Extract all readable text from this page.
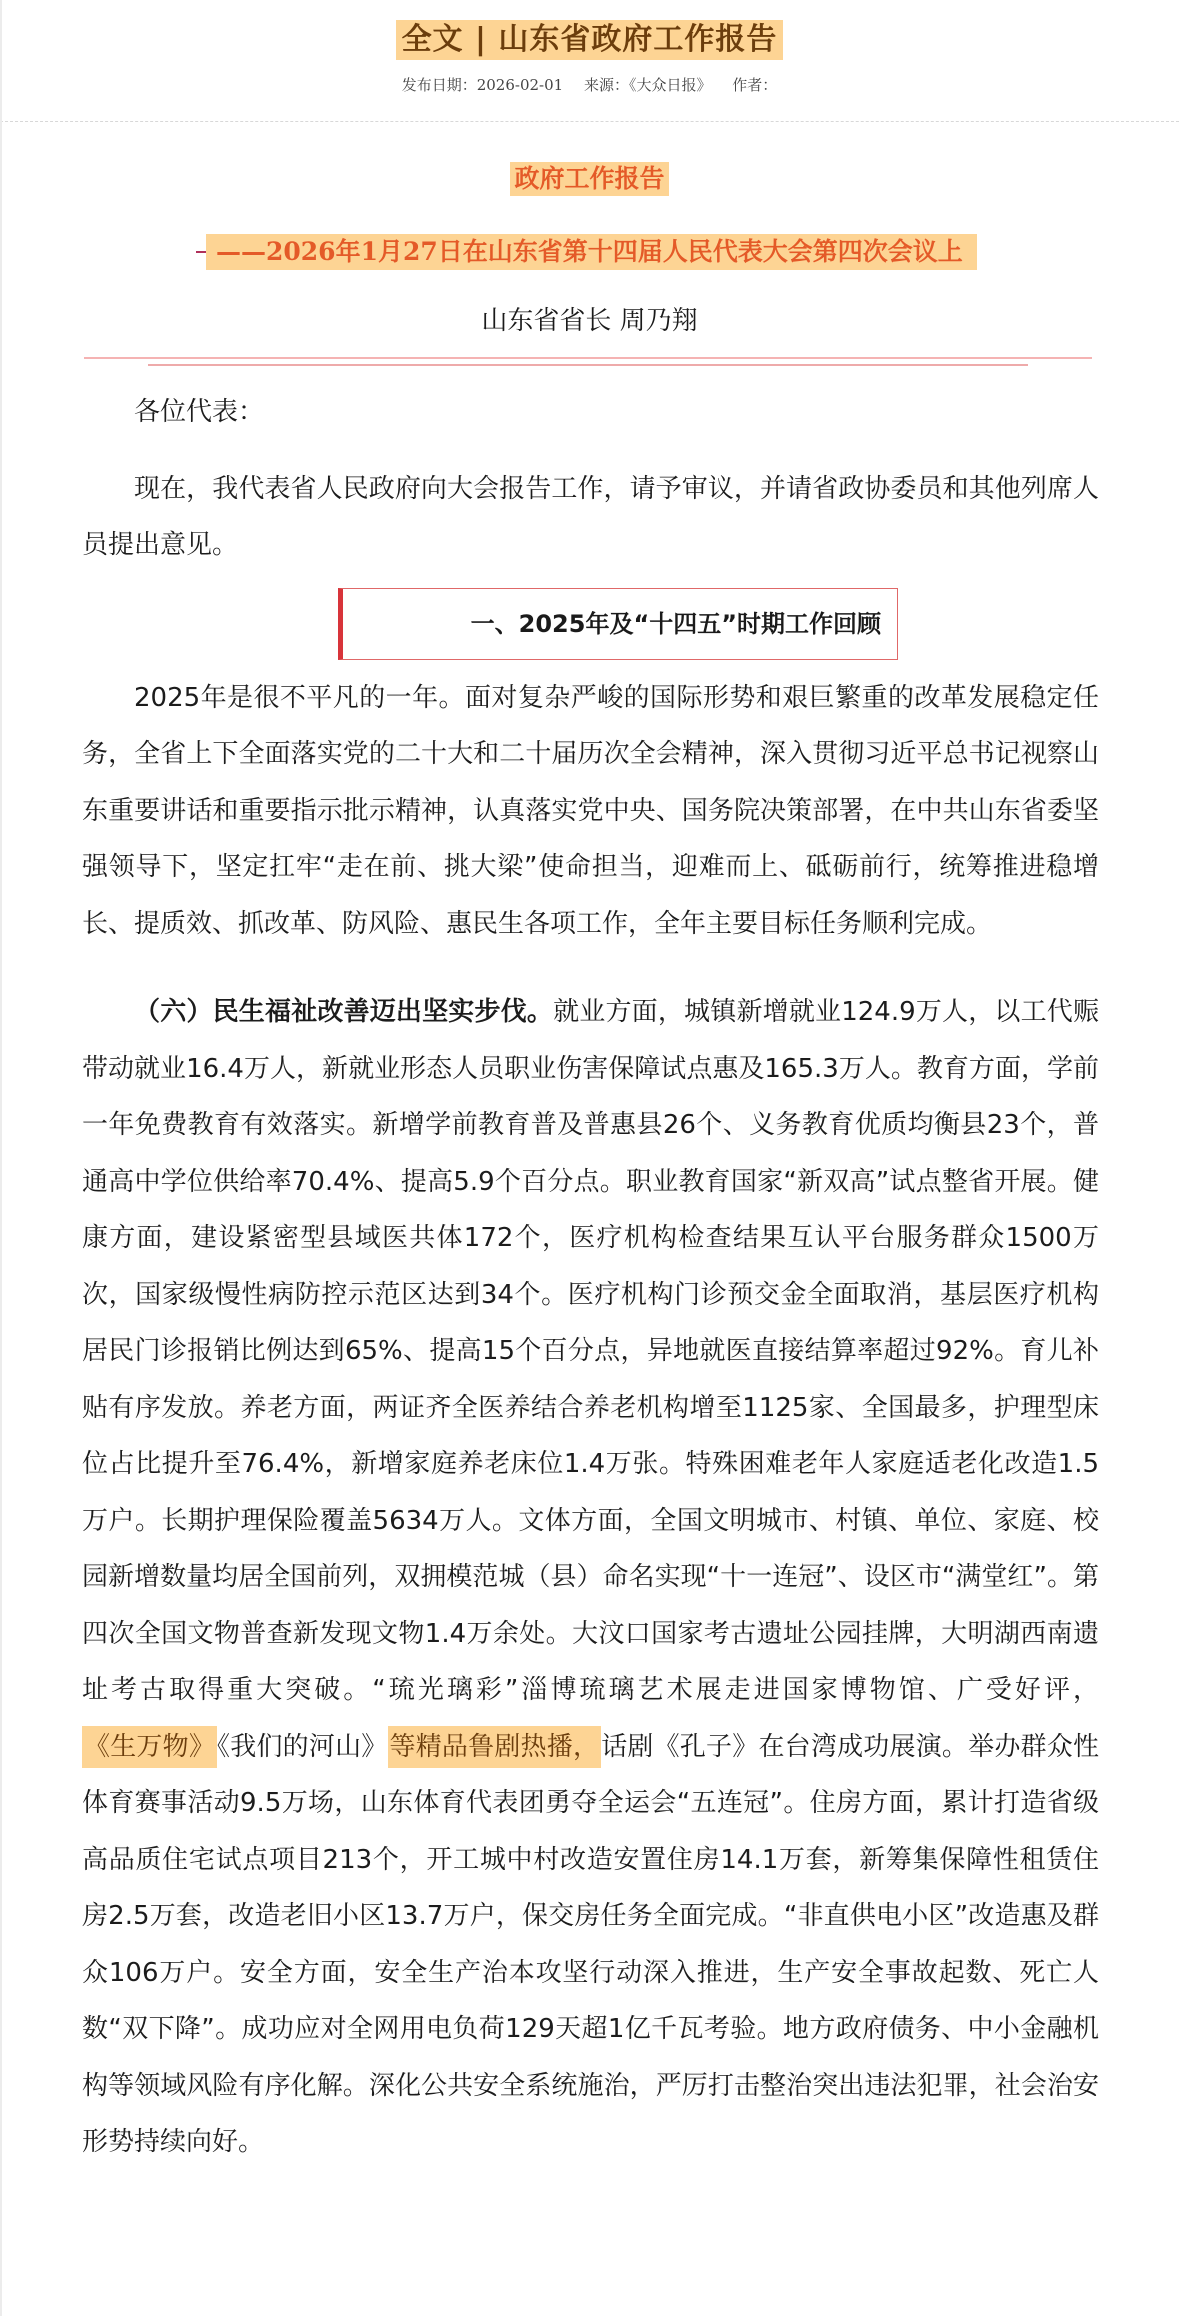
全文 | 山东省政府工作报告
发布日期：2026-02-01 来源：《大众日报》 作者：
政府工作报告
——2026年1月27日在山东省第十四届人民代表大会第四次会议上
山东省省长 周乃翔

各位代表：

现在，我代表省人民政府向大会报告工作，请予审议，并请省政协委员和其他列席人员提出意见。

一、2025年及“十四五”时期工作回顾

2025年是很不平凡的一年。面对复杂严峻的国际形势和艰巨繁重的改革发展稳定任务，全省上下全面落实党的二十大和二十届历次全会精神，深入贯彻习近平总书记视察山东重要讲话和重要指示批示精神，认真落实党中央、国务院决策部署，在中共山东省委坚强领导下，坚定扛牢“走在前、挑大梁”使命担当，迎难而上、砥砺前行，统筹推进稳增长、提质效、抓改革、防风险、惠民生各项工作，全年主要目标任务顺利完成。

（六）民生福祉改善迈出坚实步伐。就业方面，城镇新增就业124.9万人，以工代赈带动就业16.4万人，新就业形态人员职业伤害保障试点惠及165.3万人。教育方面，学前一年免费教育有效落实。新增学前教育普及普惠县26个、义务教育优质均衡县23个，普通高中学位供给率70.4%、提高5.9个百分点。职业教育国家“新双高”试点整省开展。健康方面，建设紧密型县域医共体172个，医疗机构检查结果互认平台服务群众1500万次，国家级慢性病防控示范区达到34个。医疗机构门诊预交金全面取消，基层医疗机构居民门诊报销比例达到65%、提高15个百分点，异地就医直接结算率超过92%。育儿补贴有序发放。养老方面，两证齐全医养结合养老机构增至1125家、全国最多，护理型床位占比提升至76.4%，新增家庭养老床位1.4万张。特殊困难老年人家庭适老化改造1.5万户。长期护理保险覆盖5634万人。文体方面，全国文明城市、村镇、单位、家庭、校园新增数量均居全国前列，双拥模范城（县）命名实现“十一连冠”、设区市“满堂红”。第四次全国文物普查新发现文物1.4万余处。大汶口国家考古遗址公园挂牌，大明湖西南遗址考古取得重大突破。“琉光璃彩”淄博琉璃艺术展走进国家博物馆、广受好评，《生万物》《我们的河山》等精品鲁剧热播，话剧《孔子》在台湾成功展演。举办群众性体育赛事活动9.5万场，山东体育代表团勇夺全运会“五连冠”。住房方面，累计打造省级高品质住宅试点项目213个，开工城中村改造安置住房14.1万套，新筹集保障性租赁住房2.5万套，改造老旧小区13.7万户，保交房任务全面完成。“非直供电小区”改造惠及群众106万户。安全方面，安全生产治本攻坚行动深入推进，生产安全事故起数、死亡人数“双下降”。成功应对全网用电负荷129天超1亿千瓦考验。地方政府债务、中小金融机构等领域风险有序化解。深化公共安全系统施治，严厉打击整治突出违法犯罪，社会治安形势持续向好。
